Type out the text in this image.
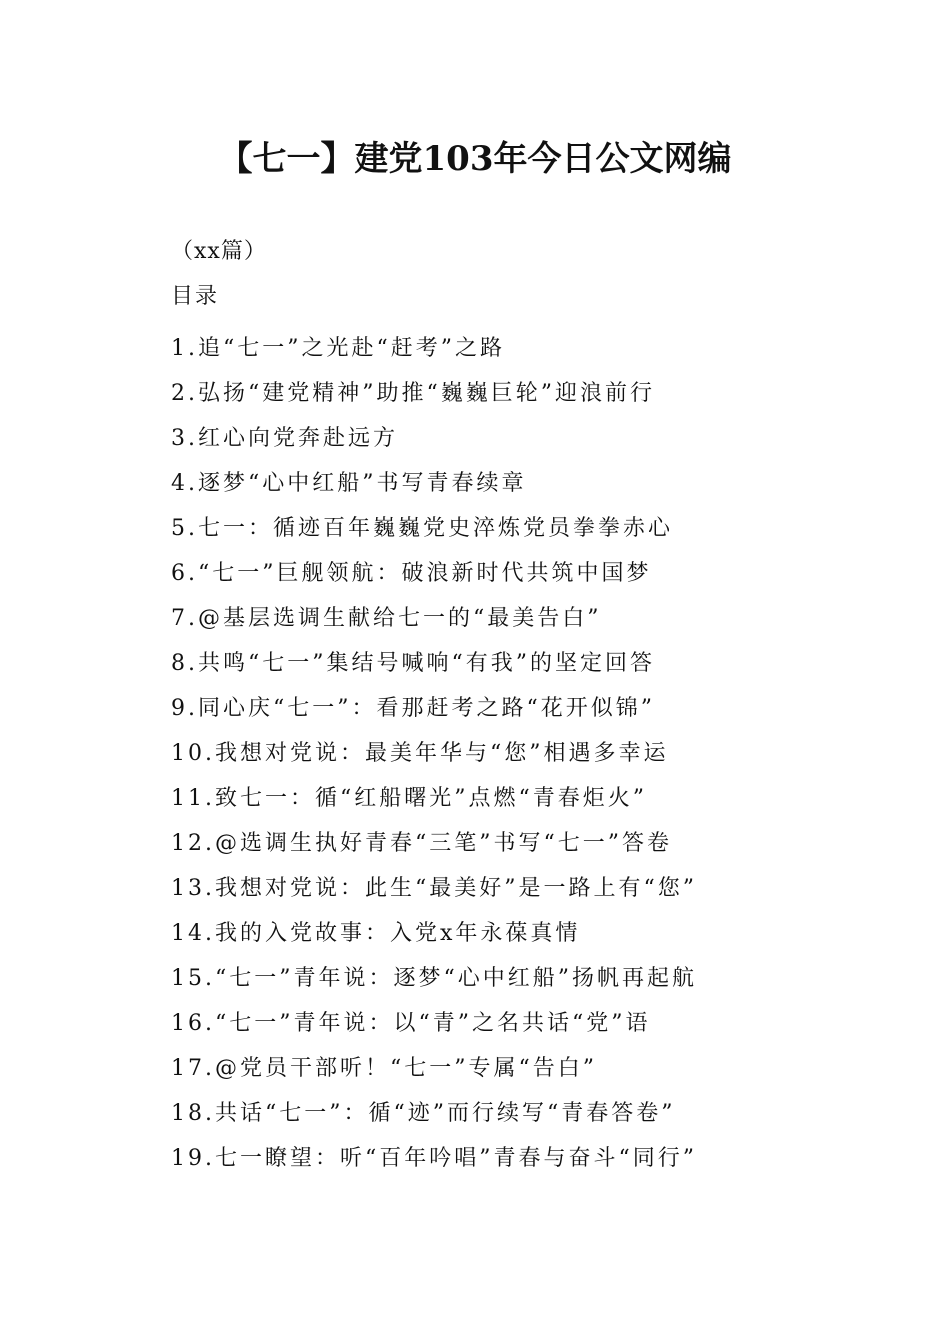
【七一】建党103年今日公文网编
（xx篇）
目录
1.追“七一”之光赴“赶考”之路
2.弘扬“建党精神”助推“巍巍巨轮”迎浪前行
3.红心向党奔赴远方
4.逐梦“心中红船”书写青春续章
5.七一：循迹百年巍巍党史淬炼党员拳拳赤心
6.“七一”巨舰领航：破浪新时代共筑中国梦
7.@基层选调生献给七一的“最美告白”
8.共鸣“七一”集结号喊响“有我”的坚定回答
9.同心庆“七一”：看那赶考之路“花开似锦”
10.我想对党说：最美年华与“您”相遇多幸运
11.致七一：循“红船曙光”点燃“青春炬火”
12.@选调生执好青春“三笔”书写“七一”答卷
13.我想对党说：此生“最美好”是一路上有“您”
14.我的入党故事：入党x年永葆真情
15.“七一”青年说：逐梦“心中红船”扬帆再起航
16.“七一”青年说：以“青”之名共话“党”语
17.@党员干部听！“七一”专属“告白”
18.共话“七一”：循“迹”而行续写“青春答卷”
19.七一瞭望：听“百年吟唱”青春与奋斗“同行”
